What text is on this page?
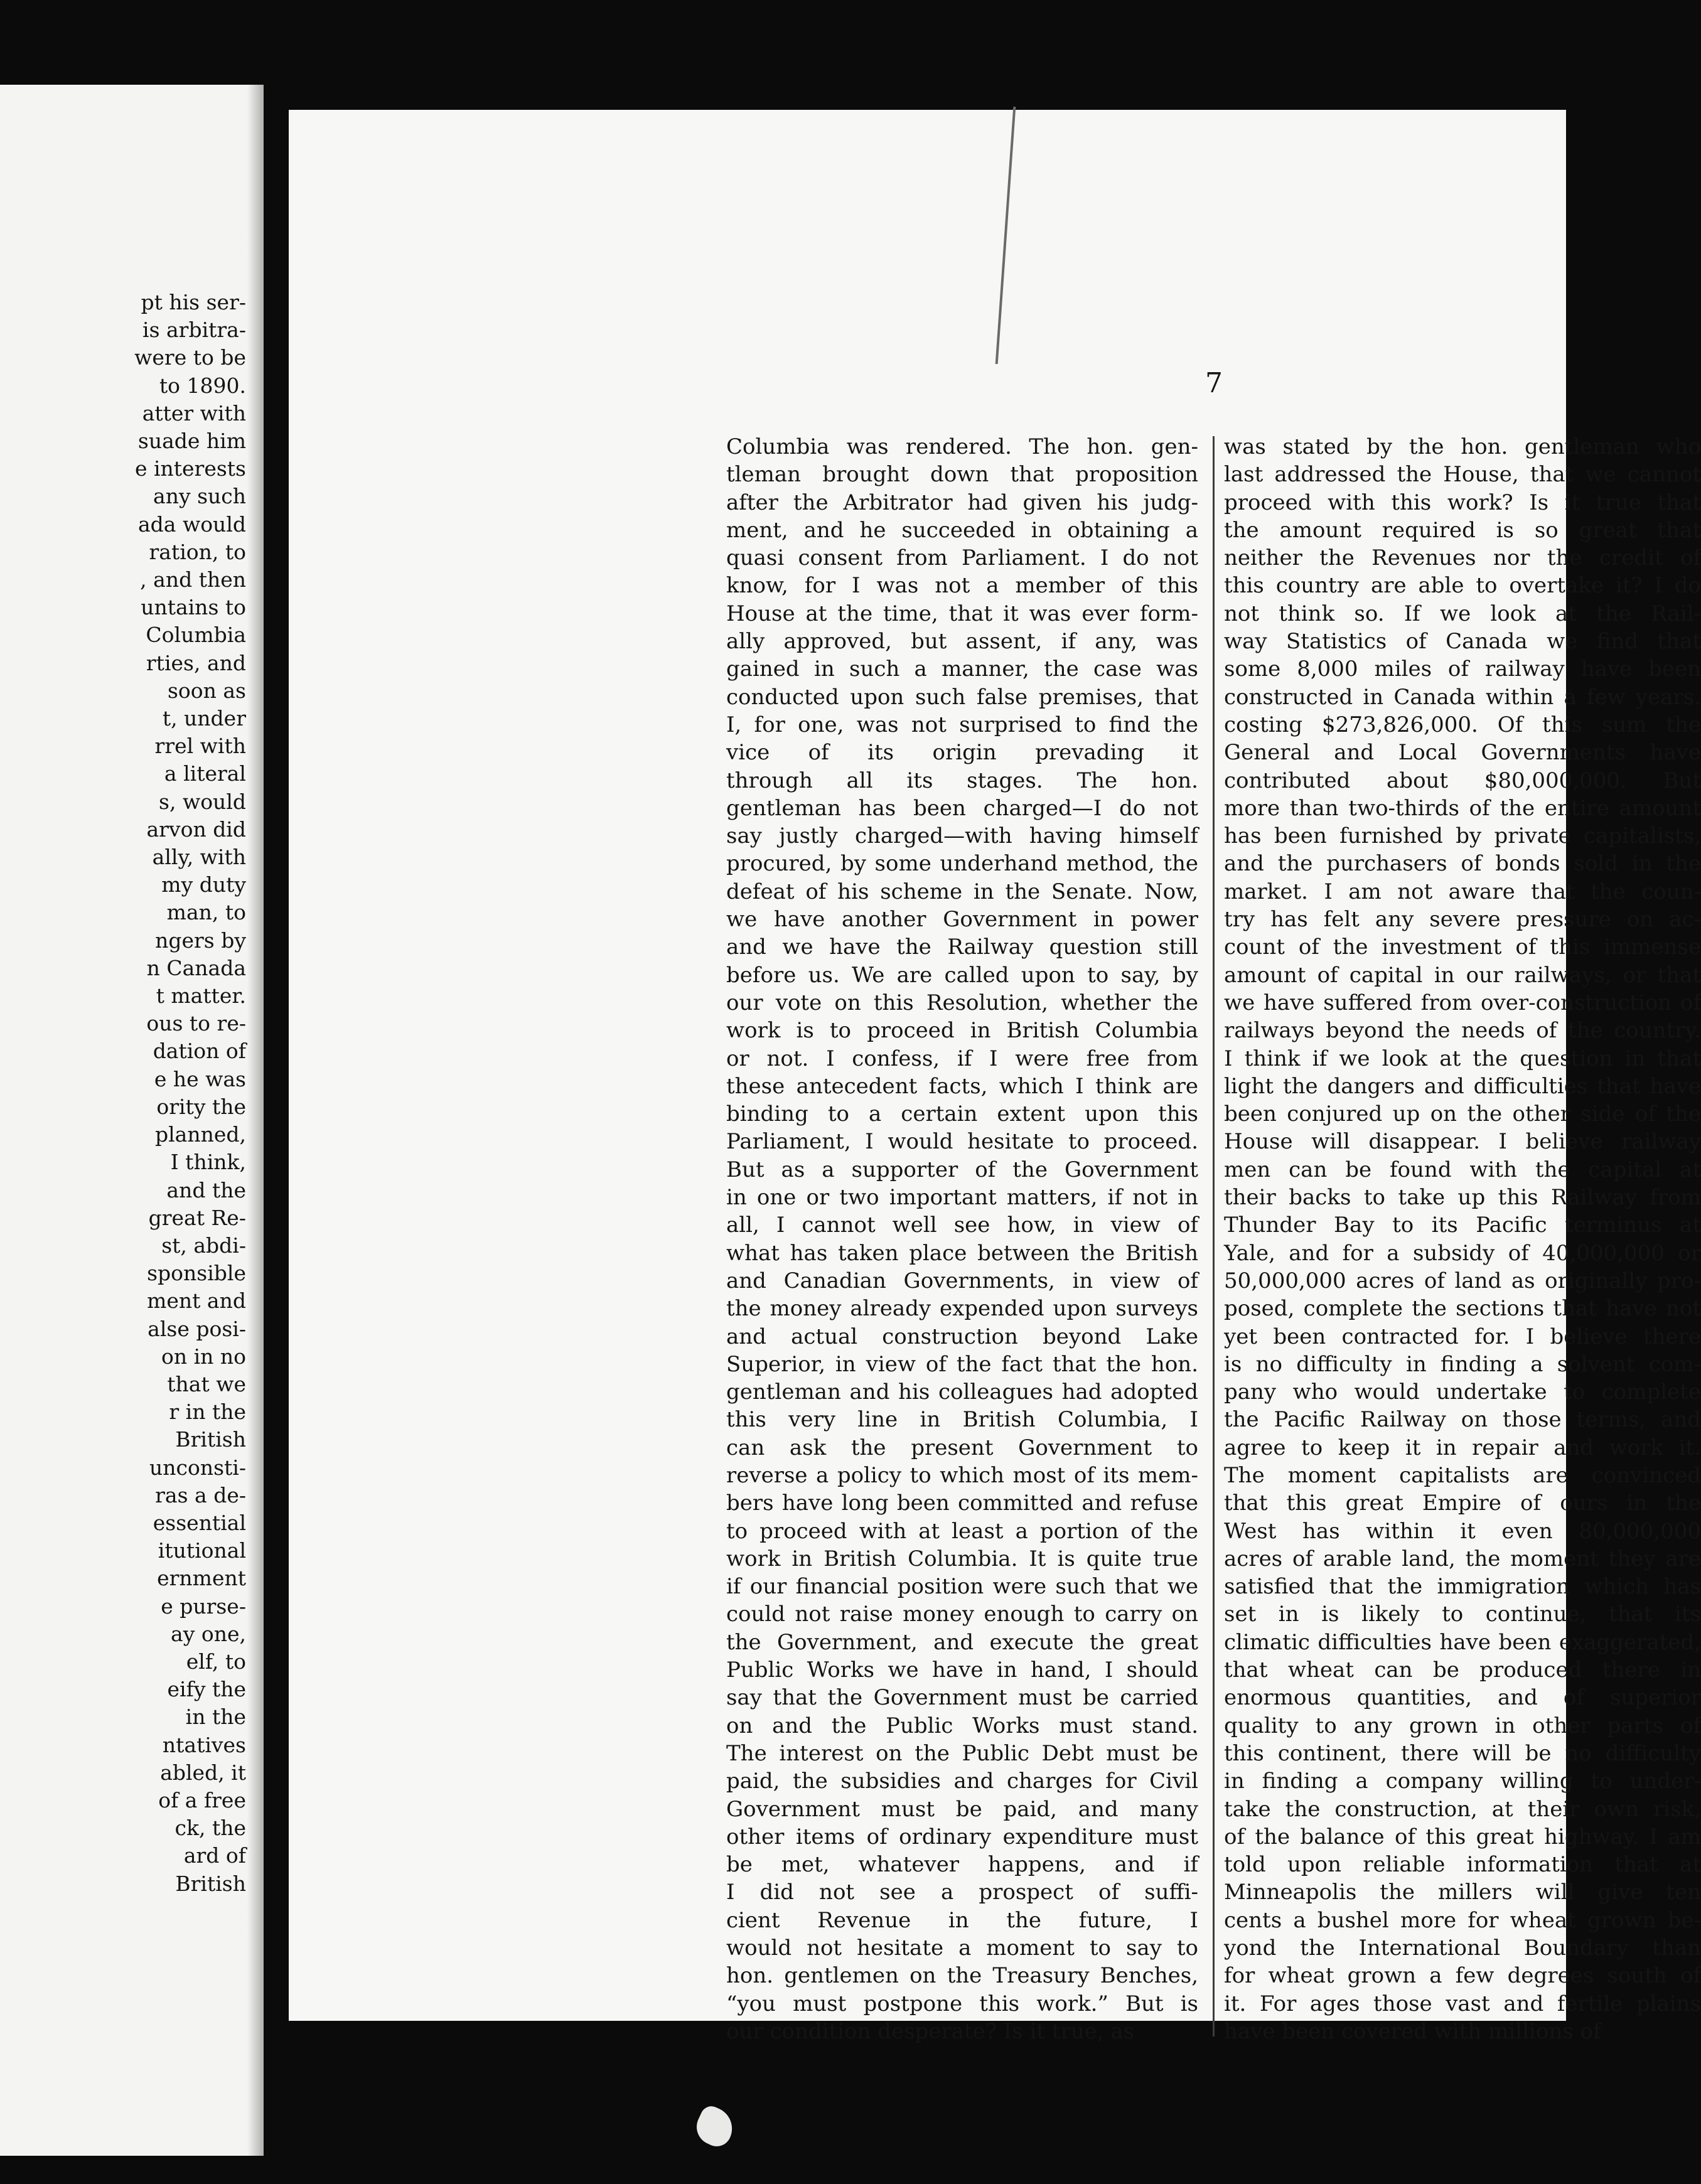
pt his ser-
is arbitra-
were to be
to 1890.
atter with
suade him
e interests
any such
ada would
ration, to
, and then
untains to
Columbia
rties, and
soon as
t, under
rrel with
a literal
s, would
arvon did
ally, with
my duty
man, to
ngers by
n Canada
t matter.
ous to re-
dation of
e he was
ority the
planned,
I think,
and the
great Re-
st, abdi-
sponsible
ment and
alse posi-
on in no
that we
r in the
British
unconsti-
ras a de-
essential
itutional
ernment
e purse-
ay one,
elf, to
eify the
in the
ntatives
abled, it
of a free
ck, the
ard of
British
7
Columbia was rendered. The hon. gen-
tleman brought down that proposition
after the Arbitrator had given his judg-
ment, and he succeeded in obtaining a
quasi consent from Parliament. I do not
know, for I was not a member of this
House at the time, that it was ever form-
ally approved, but assent, if any, was
gained in such a manner, the case was
conducted upon such false premises, that
I, for one, was not surprised to find the
vice of its origin prevading it
through all its stages. The hon.
gentleman has been charged—I do not
say justly charged—with having himself
procured, by some underhand method, the
defeat of his scheme in the Senate. Now,
we have another Government in power
and we have the Railway question still
before us. We are called upon to say, by
our vote on this Resolution, whether the
work is to proceed in British Columbia
or not. I confess, if I were free from
these antecedent facts, which I think are
binding to a certain extent upon this
Parliament, I would hesitate to proceed.
But as a supporter of the Government
in one or two important matters, if not in
all, I cannot well see how, in view of
what has taken place between the British
and Canadian Governments, in view of
the money already expended upon surveys
and actual construction beyond Lake
Superior, in view of the fact that the hon.
gentleman and his colleagues had adopted
this very line in British Columbia, I
can ask the present Government to
reverse a policy to which most of its mem-
bers have long been committed and refuse
to proceed with at least a portion of the
work in British Columbia. It is quite true
if our financial position were such that we
could not raise money enough to carry on
the Government, and execute the great
Public Works we have in hand, I should
say that the Government must be carried
on and the Public Works must stand.
The interest on the Public Debt must be
paid, the subsidies and charges for Civil
Government must be paid, and many
other items of ordinary expenditure must
be met, whatever happens, and if
I did not see a prospect of suffi-
cient Revenue in the future, I
would not hesitate a moment to say to
hon. gentlemen on the Treasury Benches,
“you must postpone this work.” But is
our condition desperate? Is it true, as
was stated by the hon. gentleman who
last addressed the House, that we cannot
proceed with this work? Is it true that
the amount required is so great that
neither the Revenues nor the credit of
this country are able to overtake it? I do
not think so. If we look at the Rail-
way Statistics of Canada we find that
some 8,000 miles of railway have been
constructed in Canada within a few years.
costing $273,826,000. Of this sum the
General and Local Governments have
contributed about $80,000,000. But
more than two-thirds of the entire amount
has been furnished by private capitalists,
and the purchasers of bonds sold in the
market. I am not aware that the coun-
try has felt any severe pressure on ac-
count of the investment of this immense
amount of capital in our railways, or that
we have suffered from over-construction of
railways beyond the needs of the country.
I think if we look at the question in that
light the dangers and difficulties that have
been conjured up on the other side of the
House will disappear. I believe railway
men can be found with the capital at
their backs to take up this Railway from
Thunder Bay to its Pacific terminus at
Yale, and for a subsidy of 40,000,000 or
50,000,000 acres of land as originally pro-
posed, complete the sections that have not
yet been contracted for. I believe there
is no difficulty in finding a solvent com-
pany who would undertake to complete
the Pacific Railway on those terms, and
agree to keep it in repair and work it.
The moment capitalists are convinced
that this great Empire of ours in the
West has within it even 80,000,000
acres of arable land, the moment they are
satisfied that the immigration which has
set in is likely to continue, that its
climatic difficulties have been exaggerated,
that wheat can be produced there in
enormous quantities, and of superior
quality to any grown in other parts of
this continent, there will be no difficulty
in finding a company willing to under-
take the construction, at their own risk,
of the balance of this great highway. I am
told upon reliable information that at
Minneapolis the millers will give ten
cents a bushel more for wheat grown be-
yond the International Boundary than
for wheat grown a few degrees south of
it. For ages those vast and fertile plains
have been covered with millions of
